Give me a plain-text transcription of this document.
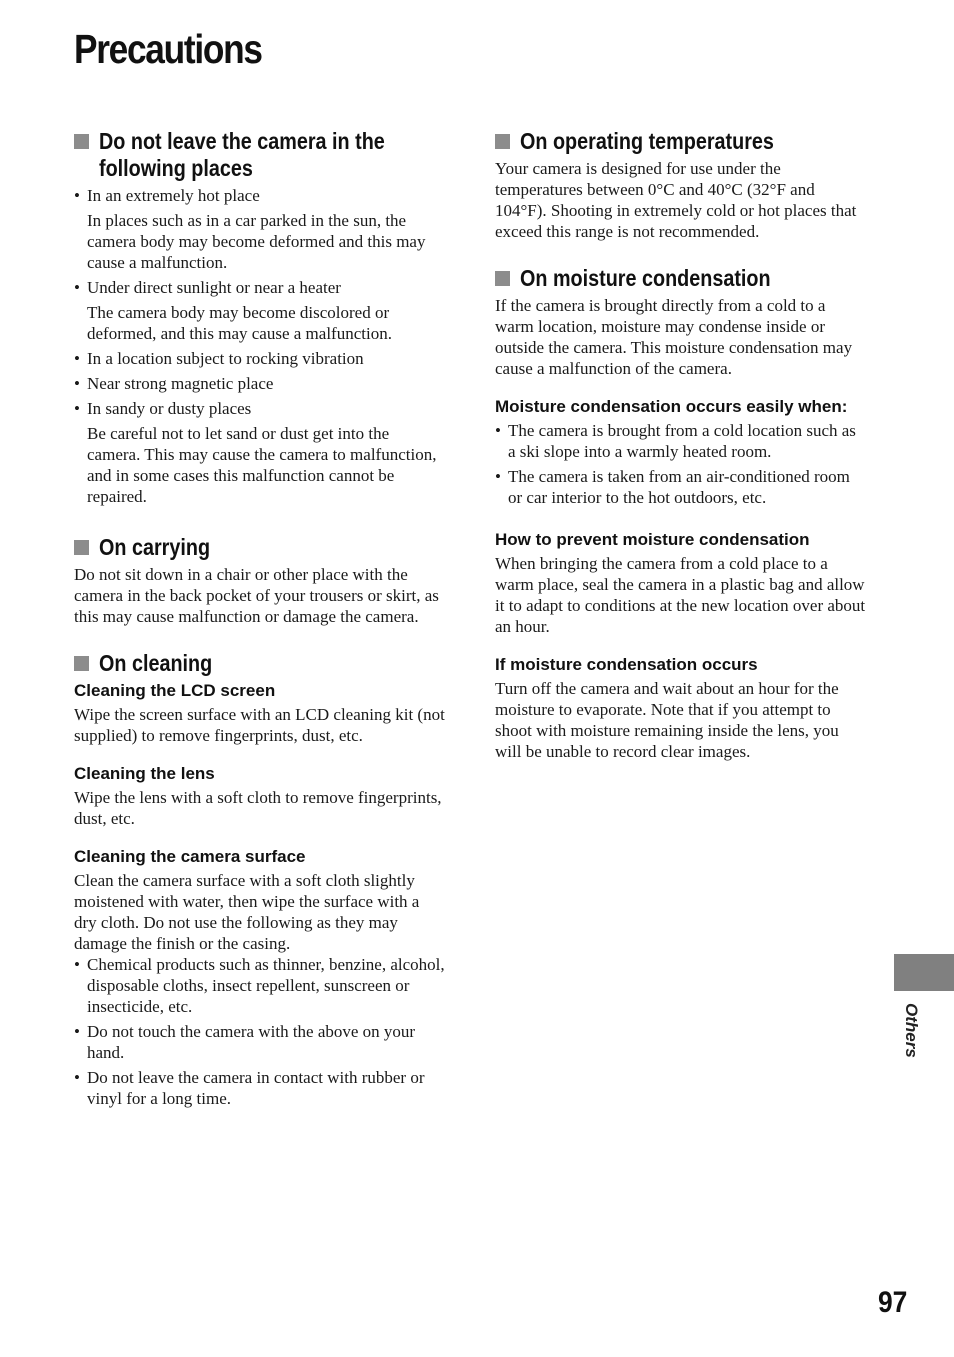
Precautions
Do not leave the camera in the following places
• In an extremely hot place
In places such as in a car parked in the sun, the camera body may become deformed and this may cause a malfunction.
• Under direct sunlight or near a heater
The camera body may become discolored or deformed, and this may cause a malfunction.
• In a location subject to rocking vibration
• Near strong magnetic place
• In sandy or dusty places
Be careful not to let sand or dust get into the camera. This may cause the camera to malfunction, and in some cases this malfunction cannot be repaired.
On carrying

Do not sit down in a chair or other place with the camera in the back pocket of your trousers or skirt, as this may cause malfunction or damage the camera.

On cleaning
Cleaning the LCD screen

Wipe the screen surface with an LCD cleaning kit (not supplied) to remove fingerprints, dust, etc.

Cleaning the lens

Wipe the lens with a soft cloth to remove fingerprints, dust, etc.

Cleaning the camera surface

Clean the camera surface with a soft cloth slightly moistened with water, then wipe the surface with a dry cloth. Do not use the following as they may damage the finish or the casing.

• Chemical products such as thinner, benzine, alcohol, disposable cloths, insect repellent, sunscreen or insecticide, etc.
• Do not touch the camera with the above on your hand.
• Do not leave the camera in contact with rubber or vinyl for a long time.
On operating temperatures

Your camera is designed for use under the temperatures between 0°C and 40°C (32°F and 104°F). Shooting in extremely cold or hot places that exceed this range is not recommended.

On moisture condensation

If the camera is brought directly from a cold to a warm location, moisture may condense inside or outside the camera. This moisture condensation may cause a malfunction of the camera.

Moisture condensation occurs easily when:
• The camera is brought from a cold location such as a ski slope into a warmly heated room.
• The camera is taken from an air-conditioned room or car interior to the hot outdoors, etc.
How to prevent moisture condensation

When bringing the camera from a cold place to a warm place, seal the camera in a plastic bag and allow it to adapt to conditions at the new location over about an hour.

If moisture condensation occurs

Turn off the camera and wait about an hour for the moisture to evaporate. Note that if you attempt to shoot with moisture remaining inside the lens, you will be unable to record clear images.

Others
97
